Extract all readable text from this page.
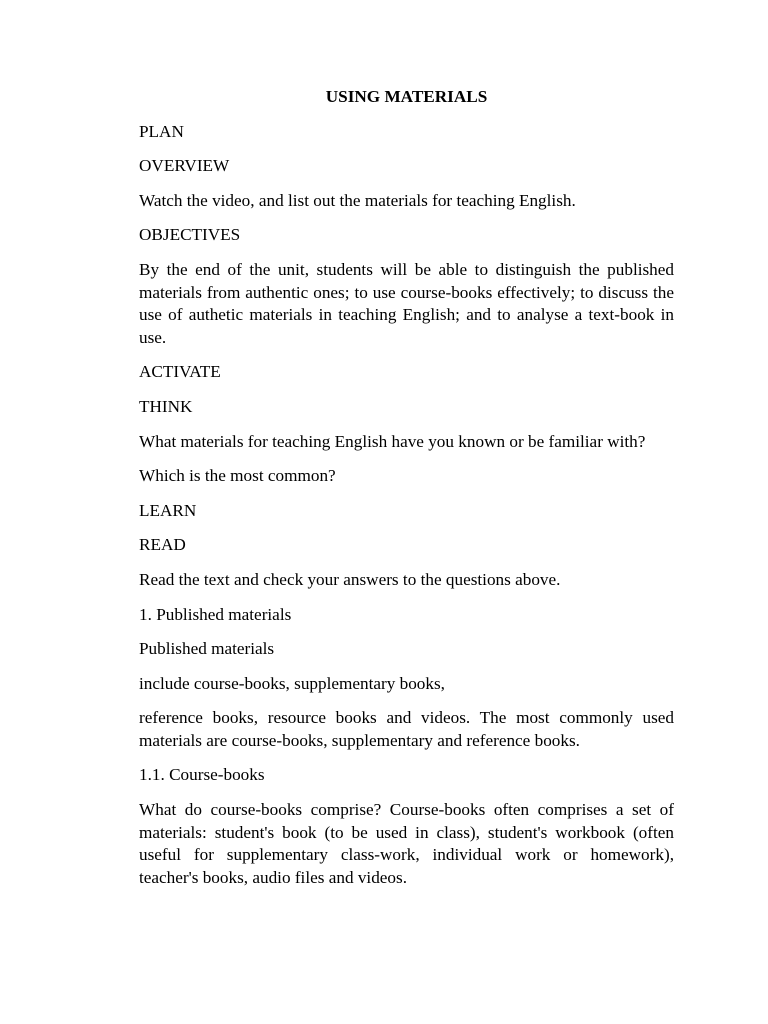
USING MATERIALS
PLAN
OVERVIEW
Watch the video, and list out the materials for teaching English.
OBJECTIVES
By the end of the unit, students will be able to distinguish the published materials from authentic ones; to use course-books effectively; to discuss the use of authetic materials in teaching English; and to analyse a text-book in use.
ACTIVATE
THINK
What materials for teaching English have you known or be familiar with?
Which is the most common?
LEARN
READ
Read the text and check your answers to the questions above.
1. Published materials
Published materials
include course-books, supplementary books,
reference books, resource books and videos. The most commonly used materials are course-books, supplementary and reference books.
1.1. Course-books
What do course-books comprise? Course-books often comprises a set of materials: student's book (to be used in class), student's workbook (often useful for supplementary class-work, individual work or homework), teacher's books, audio files and videos.
